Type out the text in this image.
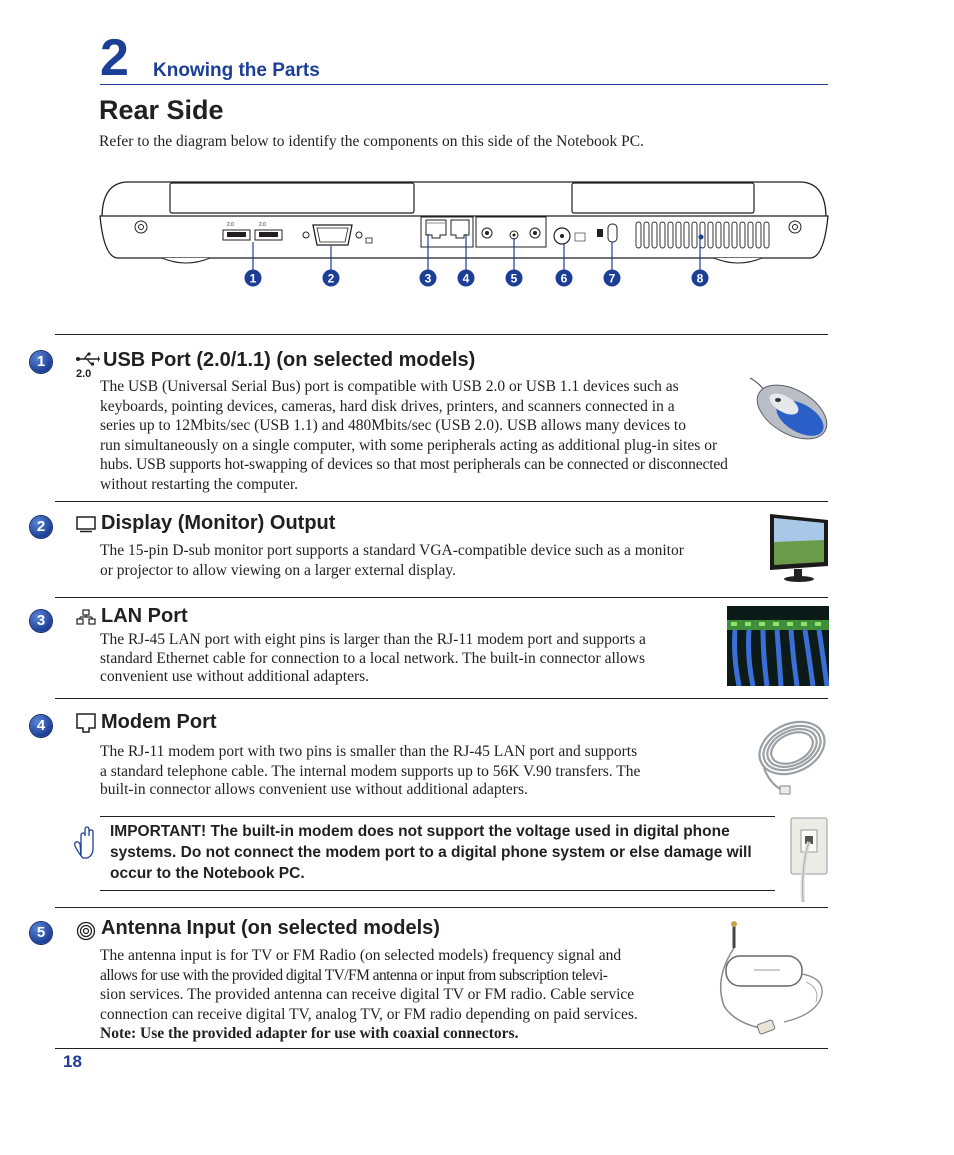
2 Knowing the Parts
Rear Side
Refer to the diagram below to identify the components on this side of the Notebook PC.
2.0	2.0
1	2	3	4	5	6	7	8
1
2.0
USB Port (2.0/1.1) (on selected models)

The USB (Universal Serial Bus) port is compatible with USB 2.0 or USB 1.1 devices such as

keyboards, pointing devices, cameras, hard disk drives, printers, and scanners connected in a

series up to 12Mbits/sec (USB 1.1) and 480Mbits/sec (USB 2.0). USB allows many devices to

run simultaneously on a single computer, with some peripherals acting as additional plug-in sites or

hubs. USB supports hot-swapping of devices so that most peripherals can be connected or disconnected

without restarting the computer.

2	Display (Monitor) Output

The 15-pin D-sub monitor port supports a standard VGA-compatible device such as a monitor

or projector to allow viewing on a larger external display.

3	LAN Port

The RJ-45 LAN port with eight pins is larger than the RJ-11 modem port and supports a

standard Ethernet cable for connection to a local network. The built-in connector allows

convenient use without additional adapters.

4	Modem Port

The RJ-11 modem port with two pins is smaller than the RJ-45 LAN port and supports

a standard telephone cable. The internal modem supports up to 56K V.90 transfers. The

built-in connector allows convenient use without additional adapters.

IMPORTANT! The built-in modem does not support the voltage used in digital phone systems. Do not connect the modem port to a digital phone system or else damage will occur to the Notebook PC.
5	Antenna Input (on selected models)

The antenna input is for TV or FM Radio (on selected models) frequency signal and

allows for use with the provided digital TV/FM antenna or input from subscription televi-

sion services. The provided antenna can receive digital TV or FM radio. Cable service

connection can receive digital TV, analog TV, or FM radio depending on paid services.

Note: Use the provided adapter for use with coaxial connectors.

18
